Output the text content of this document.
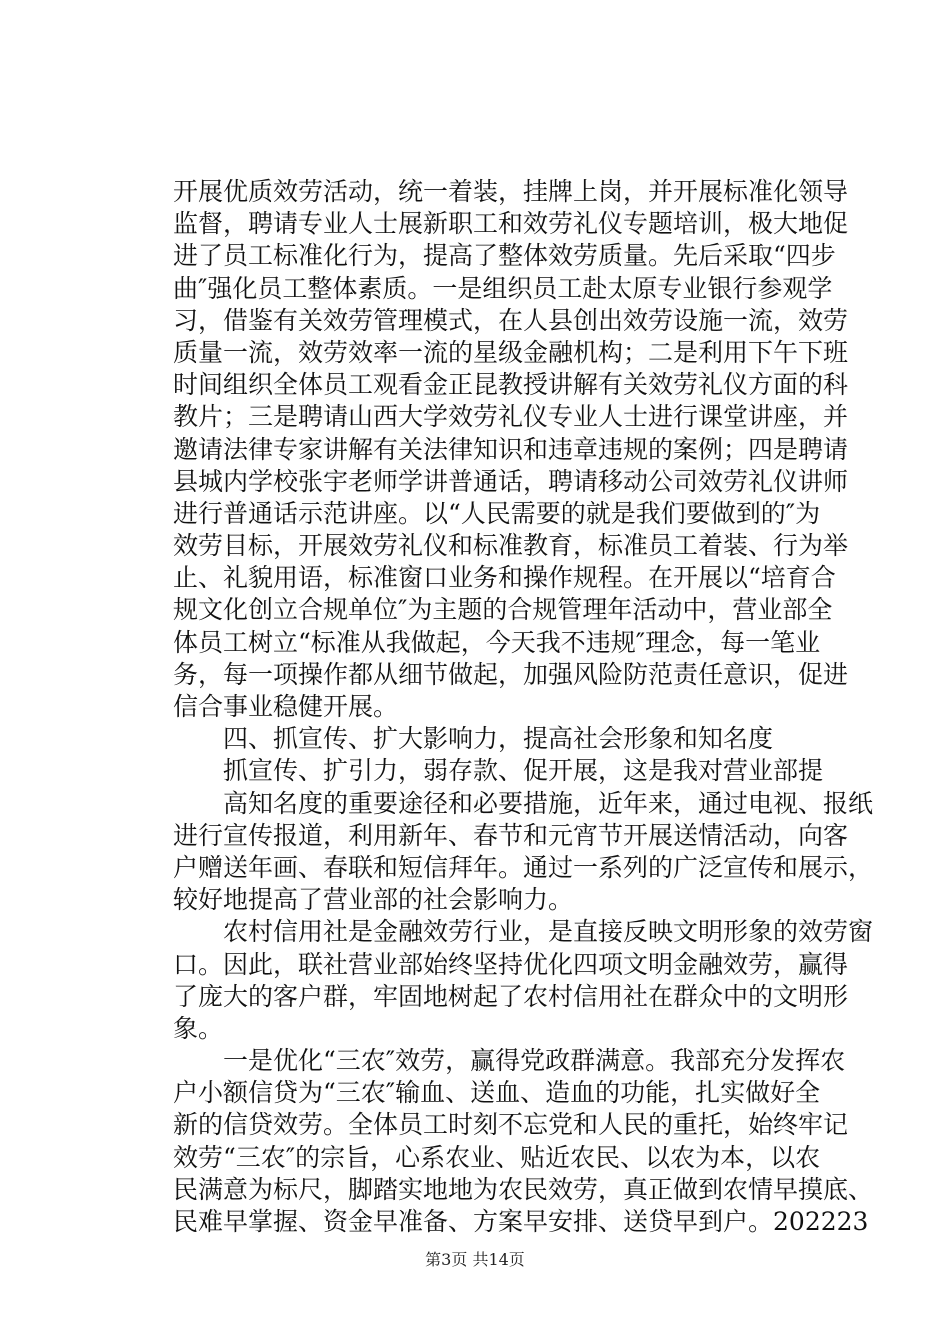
开展优质效劳活动，统一着装，挂牌上岗，并开展标准化领导
监督，聘请专业人士展新职工和效劳礼仪专题培训，极大地促
进了员工标准化行为，提高了整体效劳质量。先后采取“四步
曲″强化员工整体素质。一是组织员工赴太原专业银行参观学
习，借鉴有关效劳管理模式，在人县创出效劳设施一流，效劳
质量一流，效劳效率一流的星级金融机构；二是利用下午下班
时间组织全体员工观看金正昆教授讲解有关效劳礼仪方面的科
教片；三是聘请山西大学效劳礼仪专业人士进行课堂讲座，并
邀请法律专家讲解有关法律知识和违章违规的案例；四是聘请
县城内学校张宇老师学讲普通话，聘请移动公司效劳礼仪讲师
进行普通话示范讲座。以“人民需要的就是我们要做到的″为
效劳目标，开展效劳礼仪和标准教育，标准员工着装、行为举
止、礼貌用语，标准窗口业务和操作规程。在开展以“培育合
规文化创立合规单位″为主题的合规管理年活动中，营业部全
体员工树立“标准从我做起，今天我不违规″理念，每一笔业
务，每一项操作都从细节做起，加强风险防范责任意识，促进
信合事业稳健开展。
四、抓宣传、扩大影响力，提高社会形象和知名度
抓宣传、扩引力，弱存款、促开展，这是我对营业部提
高知名度的重要途径和必要措施，近年来，通过电视、报纸
进行宣传报道，利用新年、春节和元宵节开展送情活动，向客
户赠送年画、春联和短信拜年。通过一系列的广泛宣传和展示，
较好地提高了营业部的社会影响力。
农村信用社是金融效劳行业，是直接反映文明形象的效劳窗
口。因此，联社营业部始终坚持优化四项文明金融效劳，赢得
了庞大的客户群，牢固地树起了农村信用社在群众中的文明形
象。
一是优化“三农″效劳，赢得党政群满意。我部充分发挥农
户小额信贷为“三农″输血、送血、造血的功能，扎实做好全
新的信贷效劳。全体员工时刻不忘党和人民的重托，始终牢记
效劳“三农″的宗旨，心系农业、贴近农民、以农为本，以农
民满意为标尺，脚踏实地地为农民效劳，真正做到农情早摸底、
民难早掌握、资金早准备、方案早安排、送贷早到户。202223
第3页 共14页
